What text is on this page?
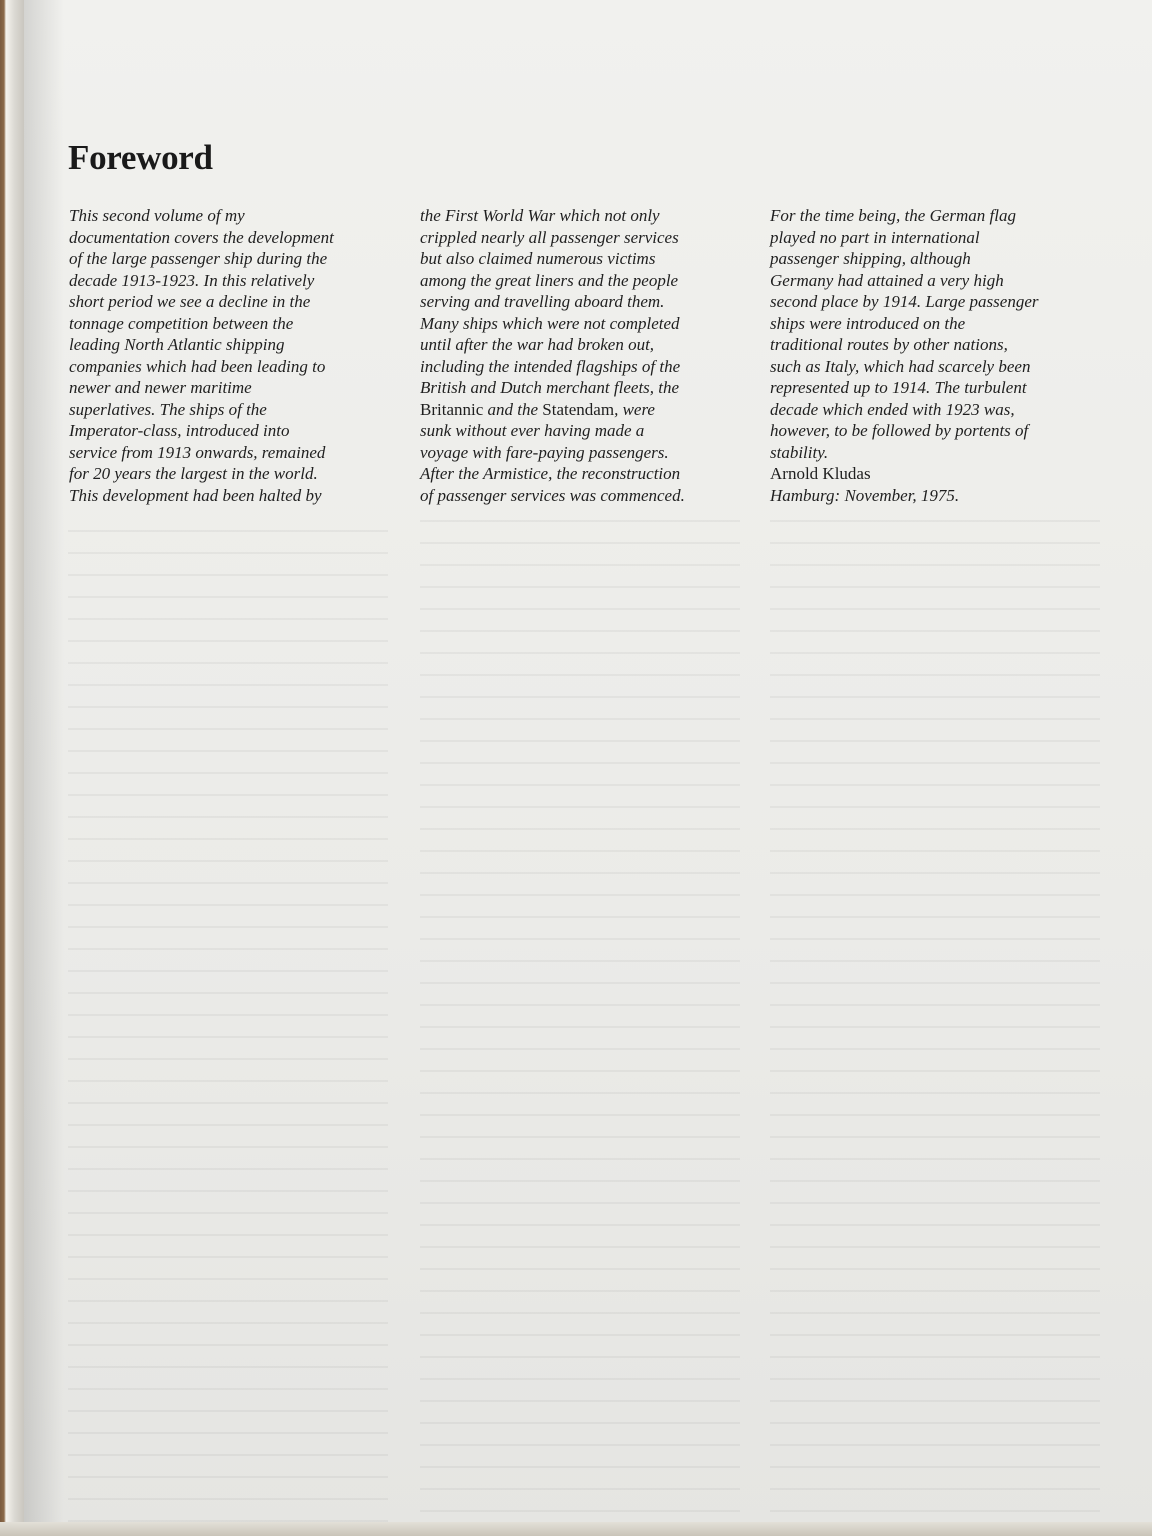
Foreword

This second volume of my
documentation covers the development
of the large passenger ship during the
decade 1913-1923. In this relatively
short period we see a decline in the
tonnage competition between the
leading North Atlantic shipping
companies which had been leading to
newer and newer maritime
superlatives. The ships of the
Imperator-class, introduced into
service from 1913 onwards, remained
for 20 years the largest in the world.
This development had been halted by

the First World War which not only
crippled nearly all passenger services
but also claimed numerous victims
among the great liners and the people
serving and travelling aboard them.
Many ships which were not completed
until after the war had broken out,
including the intended flagships of the
British and Dutch merchant fleets, the
Britannic and the Statendam, were
sunk without ever having made a
voyage with fare-paying passengers.
After the Armistice, the reconstruction
of passenger services was commenced.

For the time being, the German flag
played no part in international
passenger shipping, although
Germany had attained a very high
second place by 1914. Large passenger
ships were introduced on the
traditional routes by other nations,
such as Italy, which had scarcely been
represented up to 1914. The turbulent
decade which ended with 1923 was,
however, to be followed by portents of
stability.

Arnold Kludas
Hamburg: November, 1975.
